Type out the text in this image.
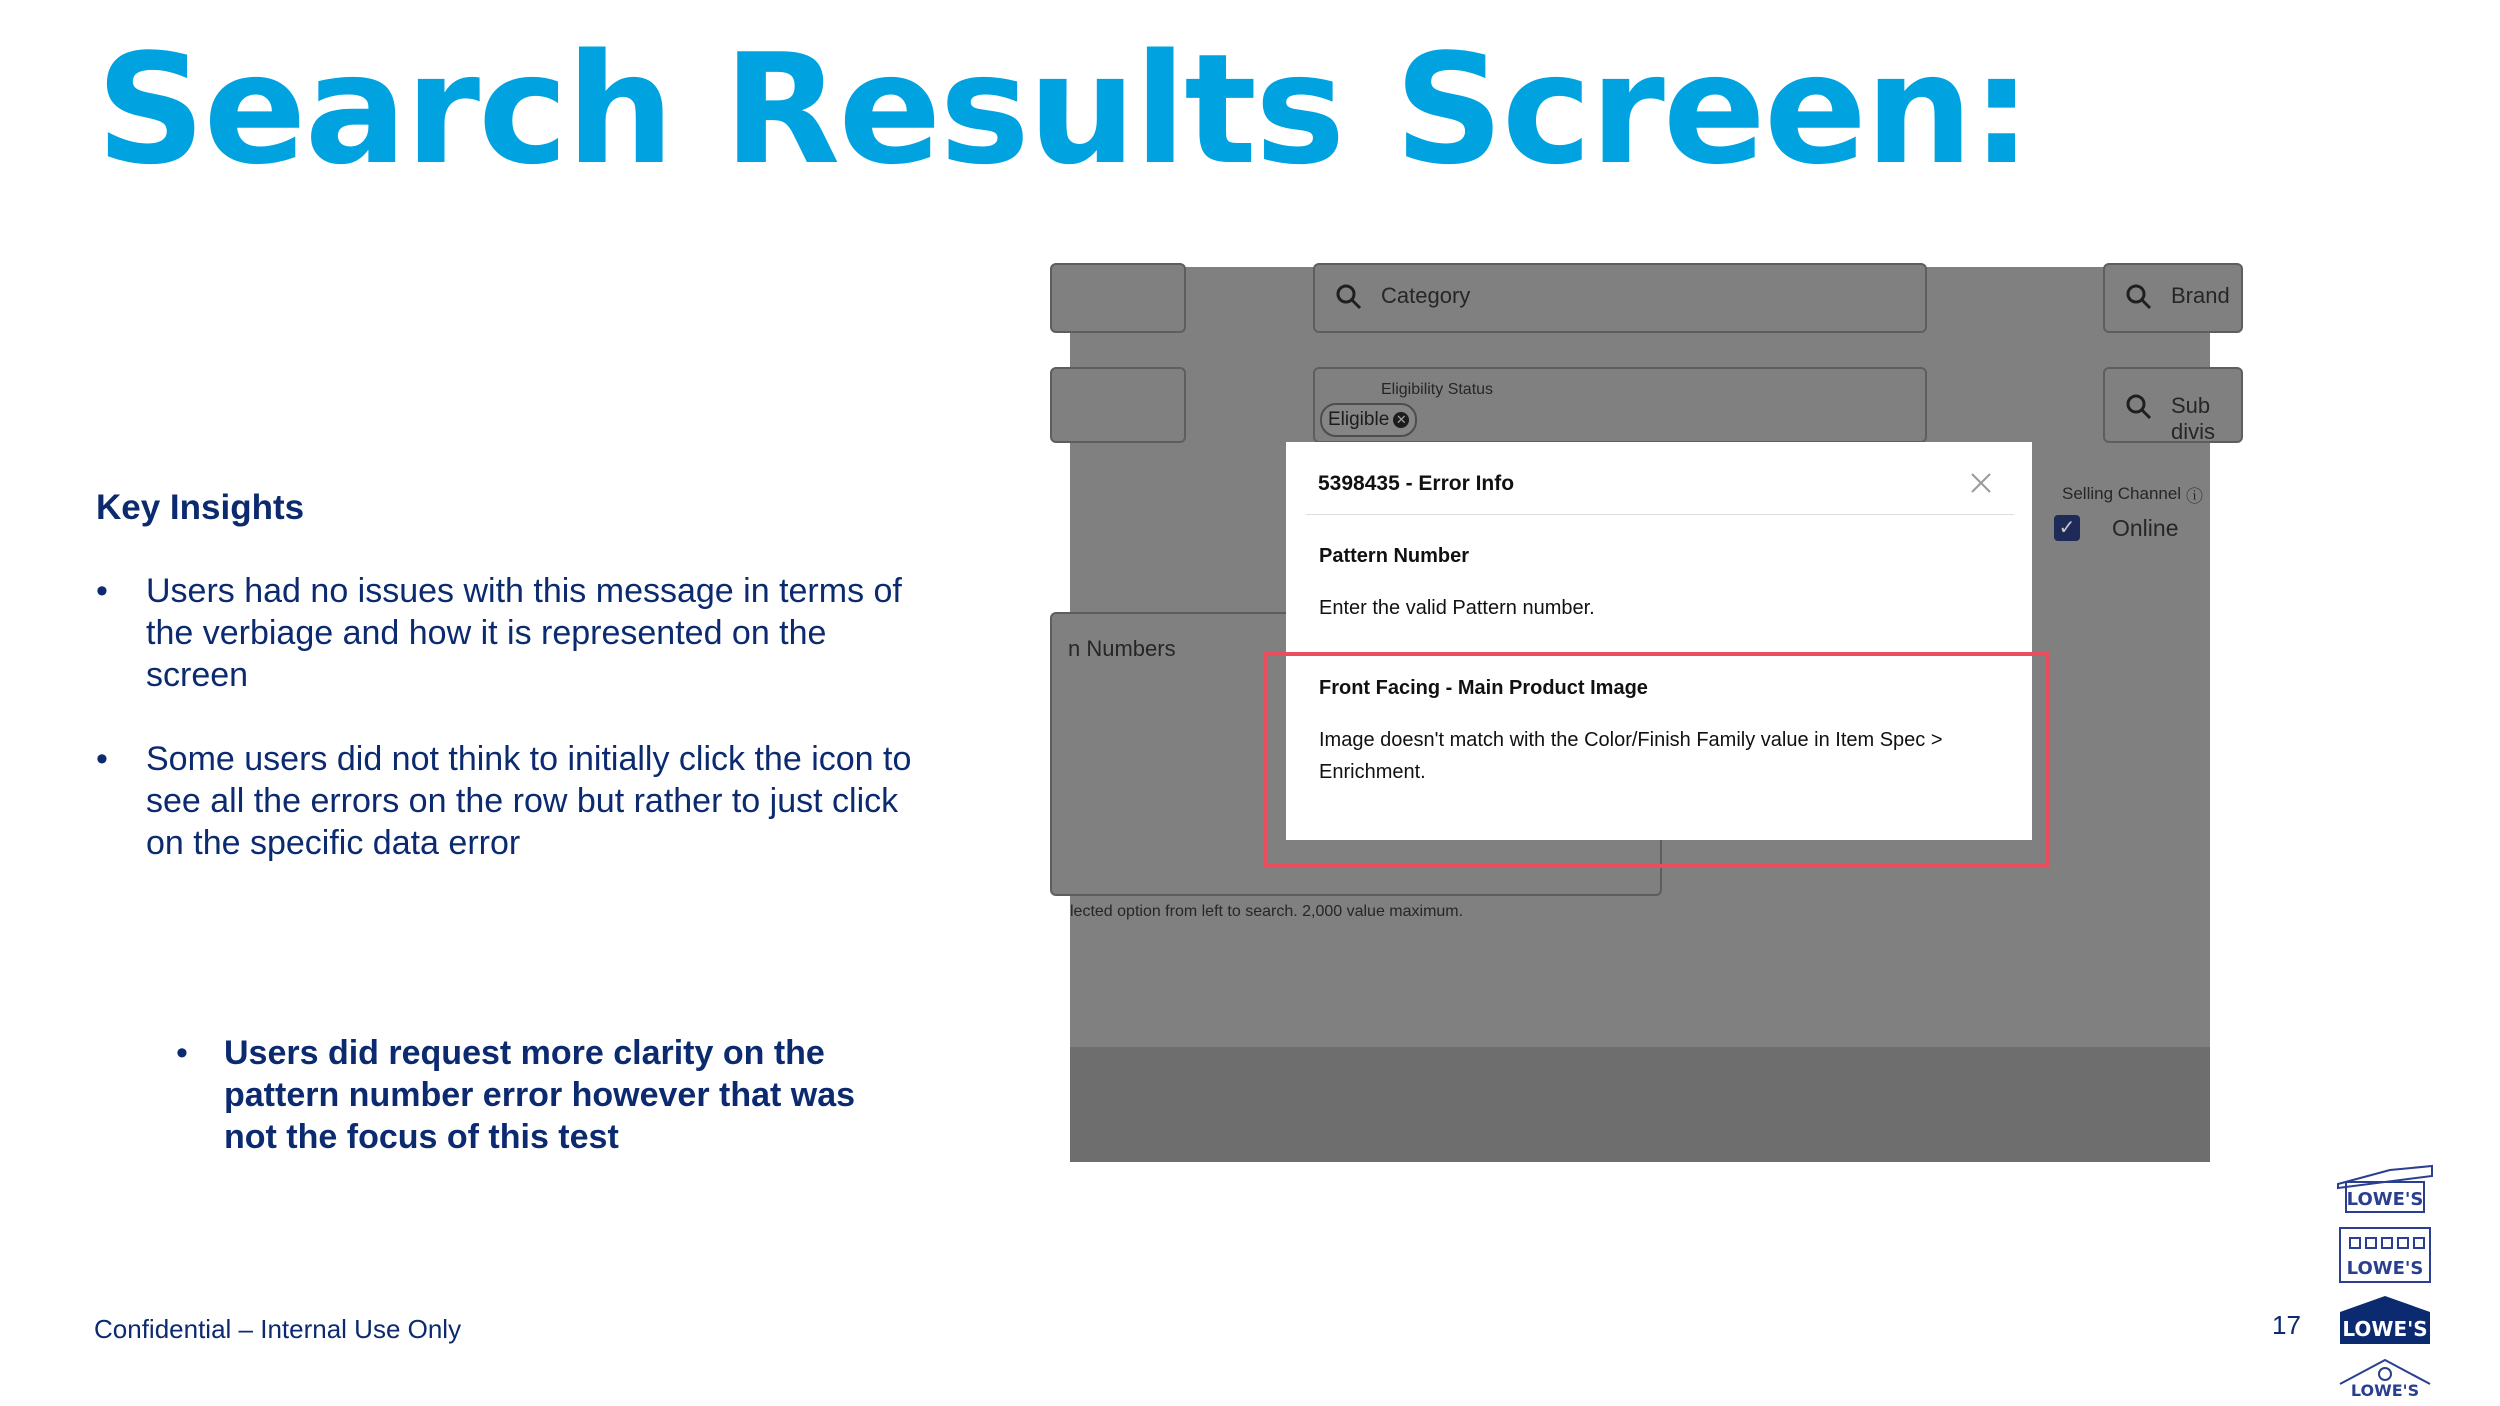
Search Results Screen:
Key Insights
• Users had no issues with this message in terms of the verbiage and how it is represented on the screen
• Some users did not think to initially click the icon to see all the errors on the row but rather to just click on the specific data error
• Users did request more clarity on the pattern number error however that was not the focus of this test
Category	Brand
Eligibility Status
Eligible ✕
Sub divis
Selling Channel ⓘ
✓ Online
n Numbers
lected option from left to search. 2,000 value maximum.
5398435 - Error Info
Pattern Number
Enter the valid Pattern number.
Front Facing - Main Product Image
Image doesn't match with the Color/Finish Family value in Item Spec > Enrichment.
Confidential – Internal Use Only	17
LOWE'S
LOWE'S
LOWE'S
LOWE'S
